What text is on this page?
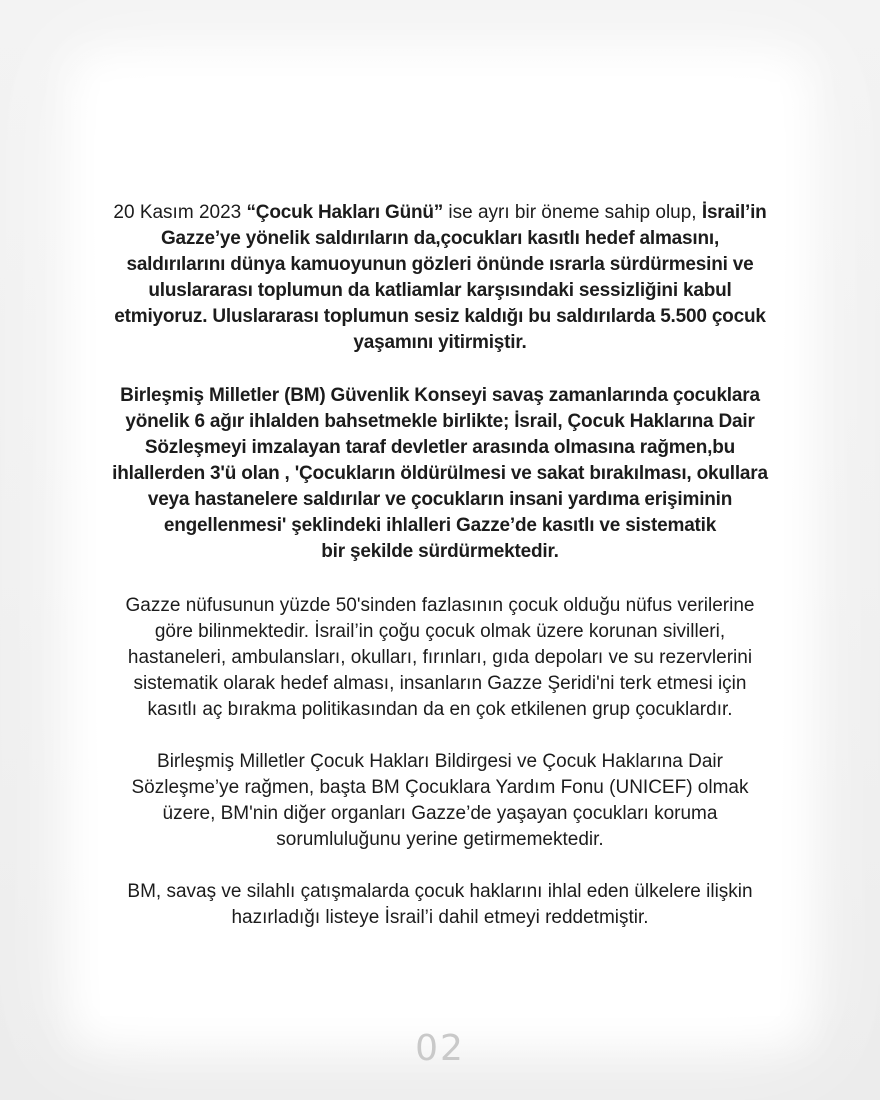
20 Kasım 2023 “Çocuk Hakları Günü” ise ayrı bir öneme sahip olup, İsrail’in
Gazze’ye yönelik saldırıların da,çocukları kasıtlı hedef almasını,
saldırılarını dünya kamuoyunun gözleri önünde ısrarla sürdürmesini ve
uluslararası toplumun da katliamlar karşısındaki sessizliğini kabul
etmiyoruz. Uluslararası toplumun sesiz kaldığı bu saldırılarda 5.500 çocuk
yaşamını yitirmiştir.

Birleşmiş Milletler (BM) Güvenlik Konseyi savaş zamanlarında çocuklara
yönelik 6 ağır ihlalden bahsetmekle birlikte; İsrail, Çocuk Haklarına Dair
Sözleşmeyi imzalayan taraf devletler arasında olmasına rağmen,bu
ihlallerden 3'ü olan , 'Çocukların öldürülmesi ve sakat bırakılması, okullara
veya hastanelere saldırılar ve çocukların insani yardıma erişiminin
engellenmesi' şeklindeki ihlalleri Gazze’de kasıtlı ve sistematik
bir şekilde sürdürmektedir.

Gazze nüfusunun yüzde 50'sinden fazlasının çocuk olduğu nüfus verilerine
göre bilinmektedir. İsrail’in çoğu çocuk olmak üzere korunan sivilleri,
hastaneleri, ambulansları, okulları, fırınları, gıda depoları ve su rezervlerini
sistematik olarak hedef alması, insanların Gazze Şeridi'ni terk etmesi için
kasıtlı aç bırakma politikasından da en çok etkilenen grup çocuklardır.

Birleşmiş Milletler Çocuk Hakları Bildirgesi ve Çocuk Haklarına Dair
Sözleşme’ye rağmen, başta BM Çocuklara Yardım Fonu (UNICEF) olmak
üzere, BM'nin diğer organları Gazze’de yaşayan çocukları koruma
sorumluluğunu yerine getirmemektedir.

BM, savaş ve silahlı çatışmalarda çocuk haklarını ihlal eden ülkelere ilişkin
hazırladığı listeye İsrail’i dahil etmeyi reddetmiştir.

02
